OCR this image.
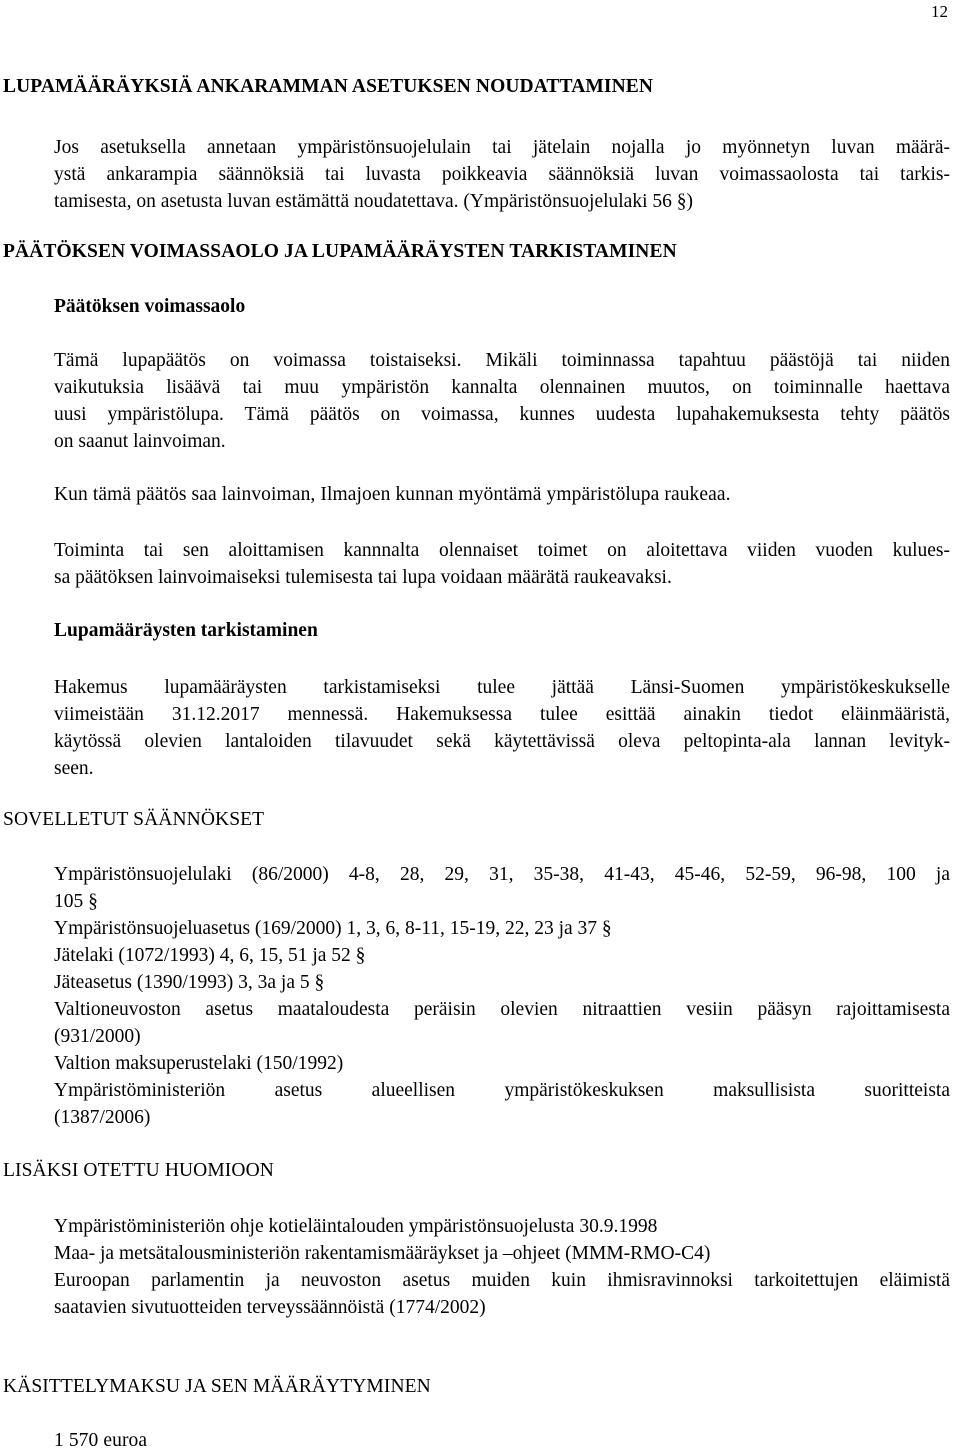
12
LUPAMÄÄRÄYKSIÄ ANKARAMMAN ASETUKSEN NOUDATTAMINEN
Jos asetuksella annetaan ympäristönsuojelulain tai jätelain nojalla jo myönnetyn luvan määrä-
ystä ankarampia säännöksiä tai luvasta poikkeavia säännöksiä luvan voimassaolosta tai tarkis-
tamisesta, on asetusta luvan estämättä noudatettava. (Ympäristönsuojelulaki 56 §)
PÄÄTÖKSEN VOIMASSAOLO JA LUPAMÄÄRÄYSTEN TARKISTAMINEN
Päätöksen voimassaolo
Tämä lupapäätös on voimassa toistaiseksi. Mikäli toiminnassa tapahtuu päästöjä tai niiden
vaikutuksia lisäävä tai muu ympäristön kannalta olennainen muutos, on toiminnalle haettava
uusi ympäristölupa. Tämä päätös on voimassa, kunnes uudesta lupahakemuksesta tehty päätös
on saanut lainvoiman.
Kun tämä päätös saa lainvoiman, Ilmajoen kunnan myöntämä ympäristölupa raukeaa.
Toiminta tai sen aloittamisen kannnalta olennaiset toimet on aloitettava viiden vuoden kulues-
sa päätöksen lainvoimaiseksi tulemisesta tai lupa voidaan määrätä raukeavaksi.
Lupamääräysten tarkistaminen
Hakemus lupamääräysten tarkistamiseksi tulee jättää Länsi-Suomen ympäristökeskukselle
viimeistään 31.12.2017 mennessä. Hakemuksessa tulee esittää ainakin tiedot eläinmääristä,
käytössä olevien lantaloiden tilavuudet sekä käytettävissä oleva peltopinta-ala lannan levityk-
seen.
SOVELLETUT SÄÄNNÖKSET
Ympäristönsuojelulaki (86/2000) 4-8, 28, 29, 31, 35-38, 41-43, 45-46, 52-59, 96-98, 100 ja
105 §
Ympäristönsuojeluasetus (169/2000) 1, 3, 6, 8-11, 15-19, 22, 23 ja 37 §
Jätelaki (1072/1993) 4, 6, 15, 51 ja 52 §
Jäteasetus (1390/1993) 3, 3a ja 5 §
Valtioneuvoston asetus maataloudesta peräisin olevien nitraattien vesiin pääsyn rajoittamisesta
(931/2000)
Valtion maksuperustelaki (150/1992)
Ympäristöministeriön asetus alueellisen ympäristökeskuksen maksullisista suoritteista
(1387/2006)
LISÄKSI OTETTU HUOMIOON
Ympäristöministeriön ohje kotieläintalouden ympäristönsuojelusta 30.9.1998
Maa- ja metsätalousministeriön rakentamismääräykset ja –ohjeet (MMM-RMO-C4)
Euroopan parlamentin ja neuvoston asetus muiden kuin ihmisravinnoksi tarkoitettujen eläimistä
saatavien sivutuotteiden terveyssäännöistä (1774/2002)
KÄSITTELYMAKSU JA SEN MÄÄRÄYTYMINEN
1 570 euroa
